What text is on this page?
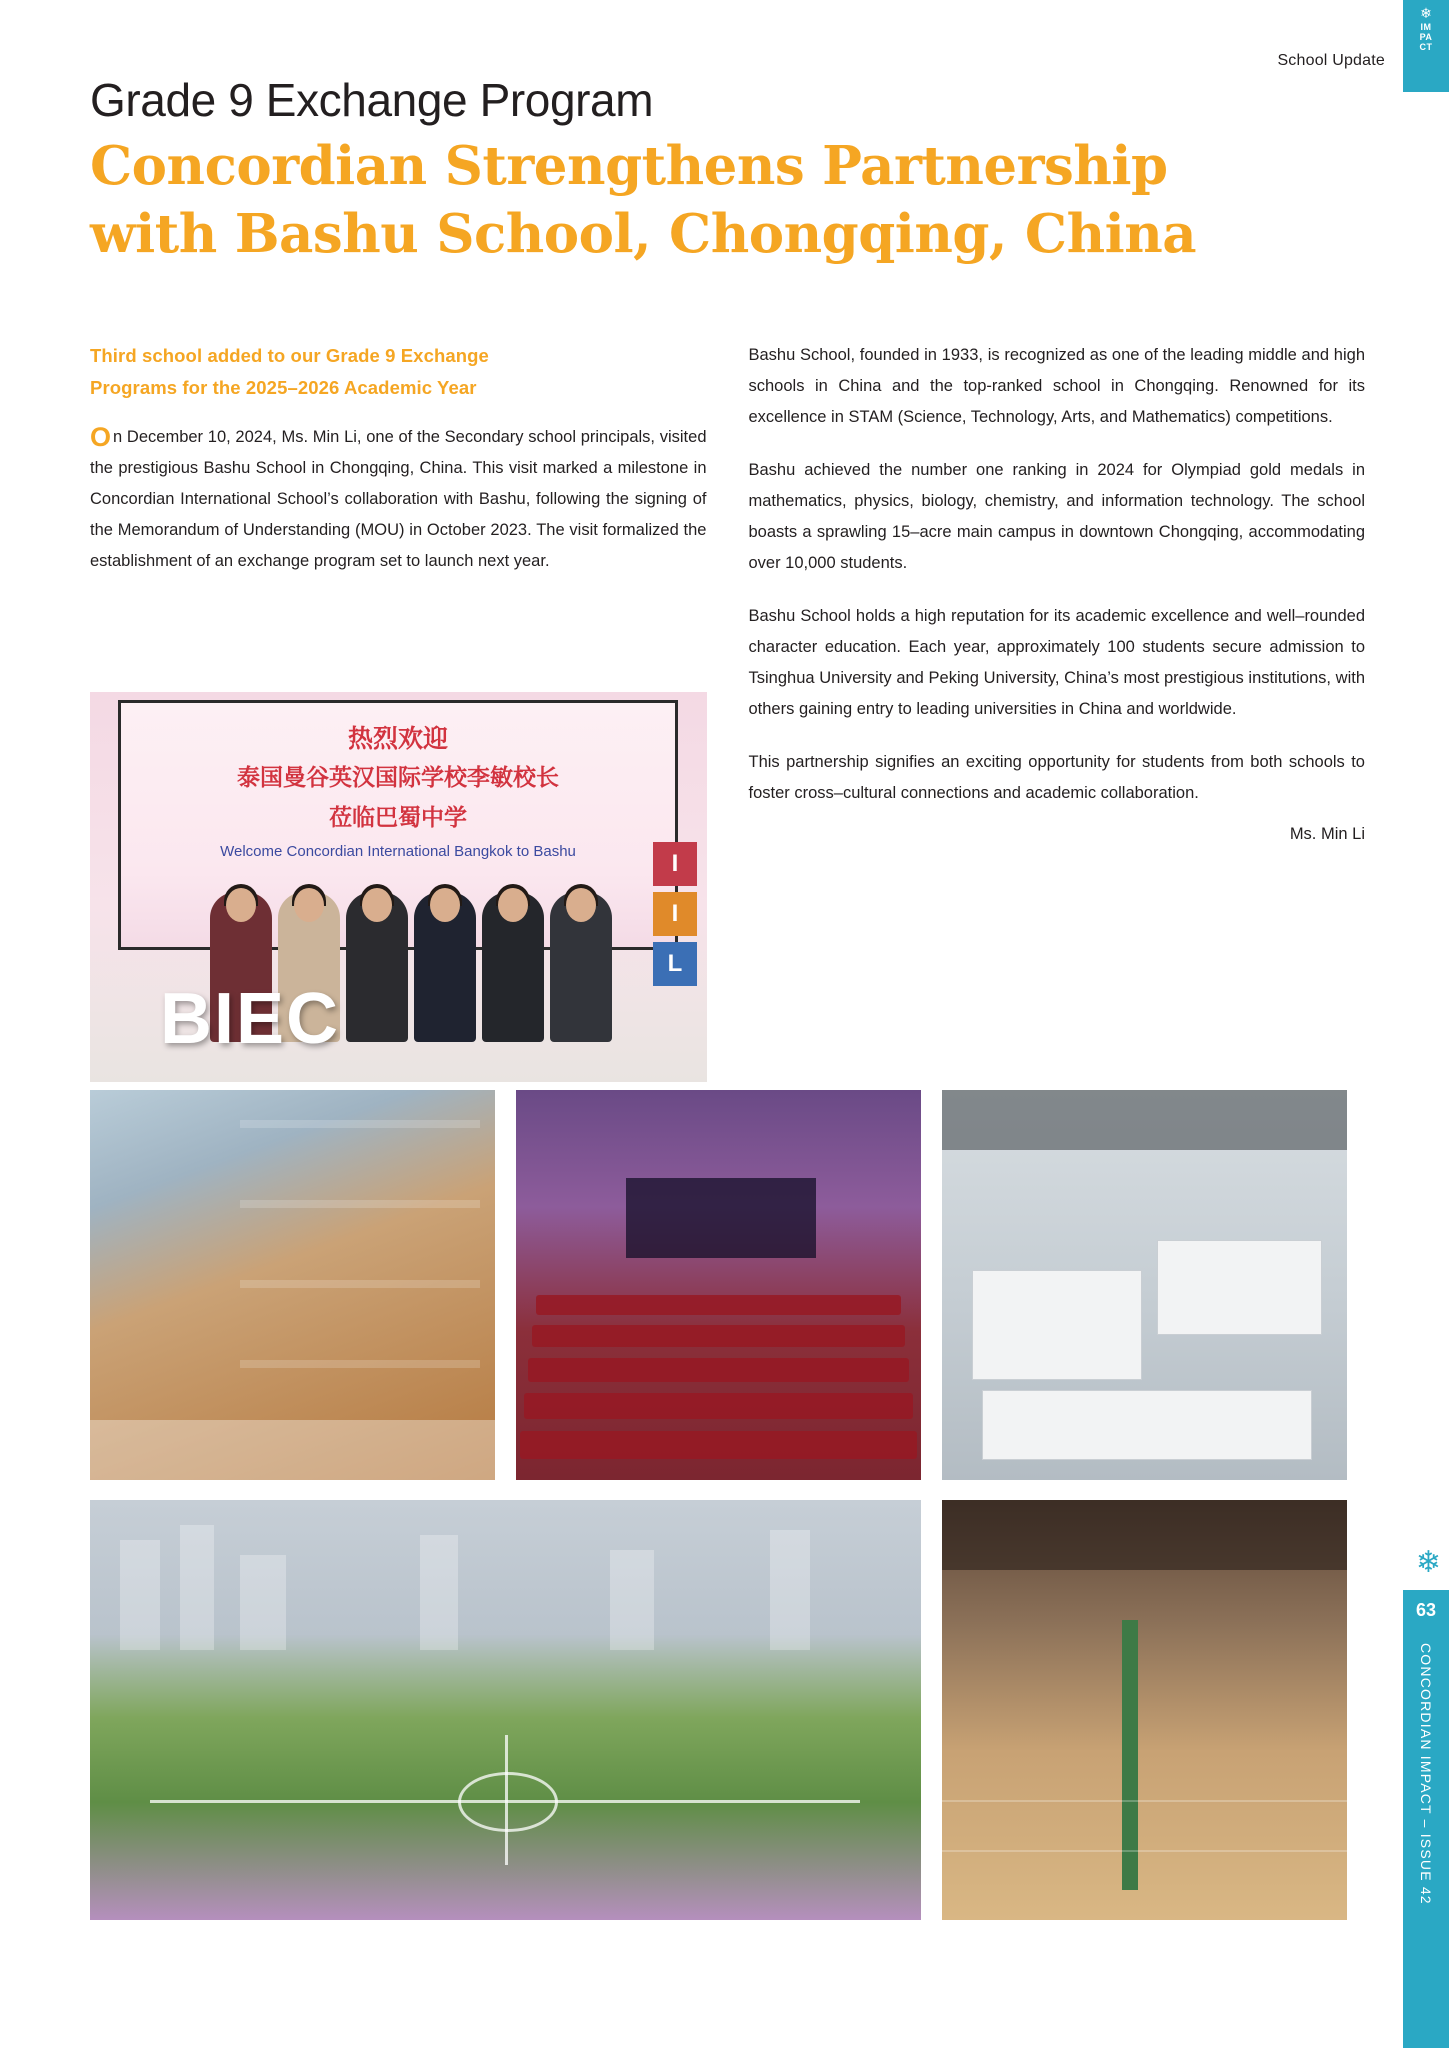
School Update
❄
IM
PA
CT
Grade 9 Exchange Program
Concordian Strengthens Partnership
with Bashu School, Chongqing, China
Third school added to our Grade 9 Exchange
Programs for the 2025–2026 Academic Year

On December 10, 2024, Ms. Min Li, one of the Secondary school principals, visited the prestigious Bashu School in Chongqing, China. This visit marked a milestone in Concordian International School’s collaboration with Bashu, following the signing of the Memorandum of Understanding (MOU) in October 2023. The visit formalized the establishment of an exchange program set to launch next year.

Bashu School, founded in 1933, is recognized as one of the leading middle and high schools in China and the top-ranked school in Chongqing. Renowned for its excellence in STAM (Science, Technology, Arts, and Mathematics) competitions.

Bashu achieved the number one ranking in 2024 for Olympiad gold medals in mathematics, physics, biology, chemistry, and information technology. The school boasts a sprawling 15–acre main campus in downtown Chongqing, accommodating over 10,000 students.

Bashu School holds a high reputation for its academic excellence and well–rounded character education. Each year, approximately 100 students secure admission to Tsinghua University and Peking University, China’s most prestigious institutions, with others gaining entry to leading universities in China and worldwide.

This partnership signifies an exciting opportunity for students from both schools to foster cross–cultural connections and academic collaboration.

Ms. Min Li
热烈欢迎
泰国曼谷英汉国际学校李敏校长
莅临巴蜀中学
Welcome Concordian International Bangkok to Bashu	I
I
L
BIEC
❄
63
CONCORDIAN IMPACT – ISSUE 42
